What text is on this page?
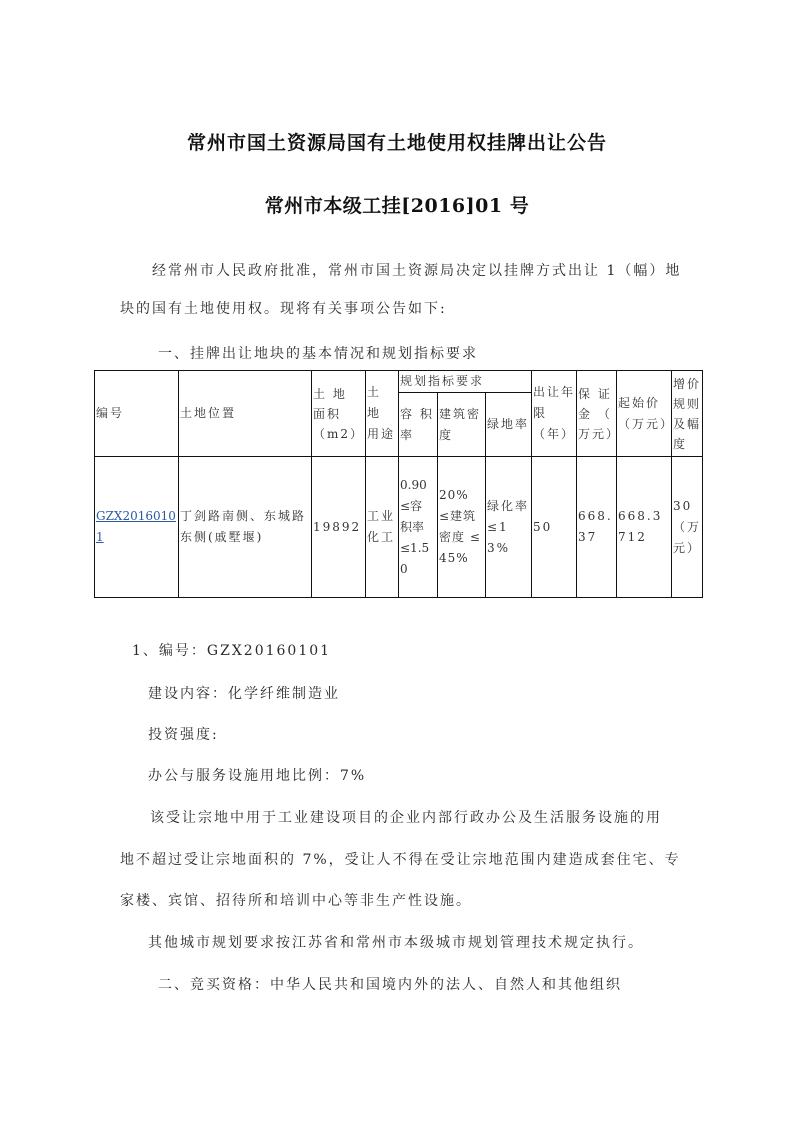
常州市国土资源局国有土地使用权挂牌出让公告
常州市本级工挂[2016]01 号
经常州市人民政府批准，常州市国土资源局决定以挂牌方式出让 1（幅）地
块的国有土地使用权。现将有关事项公告如下:
一、挂牌出让地块的基本情况和规划指标要求
编号	土地位置	土 地 面积 （m2）	土 地 用途	规划指标要求			出让年限 （年）	保 证金 （ 万元）	起始价 （万元）	增价规则及幅度
				容 积率	建筑密度	绿地率				
GZX20160101	丁剑路南侧、东城路东侧(戚墅堰)	19892	工业化工	0.90≤容 积率 ≤1.50	20% ≤建筑密度 ≤45%	绿化率≤13%	50	668.37	668.3712	30 （万元）
1、编号：GZX20160101
建设内容：化学纤维制造业
投资强度:
办公与服务设施用地比例：7%
该受让宗地中用于工业建设项目的企业内部行政办公及生活服务设施的用
地不超过受让宗地面积的 7%，受让人不得在受让宗地范围内建造成套住宅、专
家楼、宾馆、招待所和培训中心等非生产性设施。
其他城市规划要求按江苏省和常州市本级城市规划管理技术规定执行。
二、竞买资格：中华人民共和国境内外的法人、自然人和其他组织
